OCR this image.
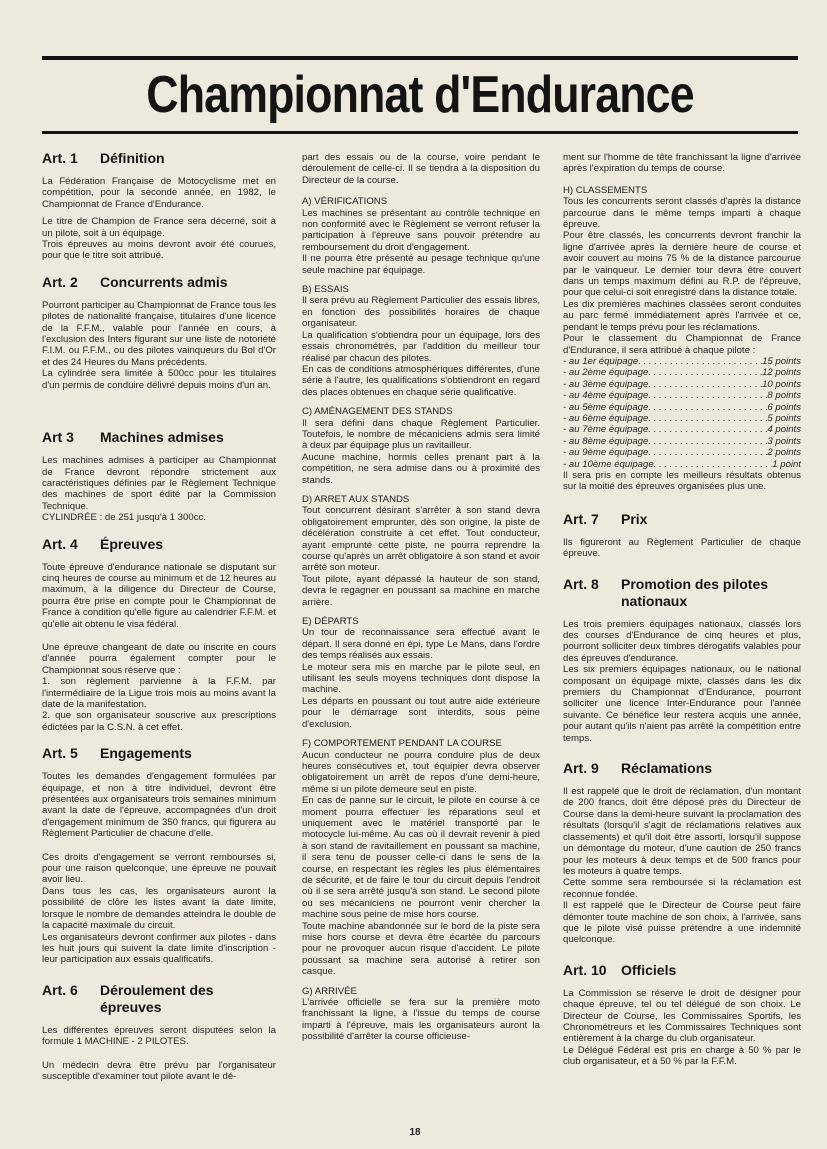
Championnat d'Endurance
Art. 1	Définition

La Fédération Française de Motocyclisme met en compétition, pour la seconde année, en 1982, le Championnat de France d'Endurance.

Le titre de Champion de France sera décerné, soit à un pilote, soit à un équipage.

Trois épreuves au moins devront avoir été courues, pour que le titre soit attribué.

Art. 2	Concurrents admis

Pourront participer au Championnat de France tous les pilotes de nationalité française, titulaires d'une licence de la F.F.M., valable pour l'année en cours, à l'exclusion des Inters figurant sur une liste de notoriété F.I.M. ou F.F.M., ou des pilotes vainqueurs du Bol d'Or et des 24 Heures du Mans précédents.

La cylindrée sera limitée à 500cc pour les titulaires d'un permis de conduire délivré depuis moins d'un an.

Art 3	Machines admises

Les machines admises à participer au Championnat de France devront répondre strictement aux caractéristiques définies par le Règlement Technique des machines de sport édité par la Commission Technique.

CYLINDRÉE : de 251 jusqu'à 1 300cc.

Art. 4	Épreuves

Toute épreuve d'endurance nationale se disputant sur cinq heures de course au minimum et de 12 heures au maximum, à la diligence du Directeur de Course, pourra être prise en compte pour le Championnat de France à condition qu'elle figure au calendrier F.F.M. et qu'elle ait obtenu le visa fédéral.

Une épreuve changeant de date ou inscrite en cours d'année pourra également compter pour le Championnat sous réserve que :

1. son règlement parvienne à la F.F.M. par l'intermédiaire de la Ligue trois mois au moins avant la date de la manifestation.

2. que son organisateur souscrive aux prescriptions édictées par la C.S.N. à cet effet.

Art. 5	Engagements

Toutes les demandes d'engagement formulées par équipage, et non à titre individuel, devront être présentées aux organisateurs trois semaines minimum avant la date de l'épreuve, accompagnées d'un droit d'engagement minimum de 350 francs, qui figurera au Règlement Particulier de chacune d'elle.

Ces droits d'engagement se verront remboursés si, pour une raison quelconque, une épreuve ne pouvait avoir lieu.

Dans tous les cas, les organisateurs auront la possibilité de clôre les listes avant la date limite, lorsque le nombre de demandes atteindra le double de la capacité maximale du circuit.

Les organisateurs devront confirmer aux pilotes - dans les huit jours qui suivent la date limite d'inscription - leur participation aux essais qualificatifs.

Art. 6	Déroulement des épreuves

Les différentes épreuves seront disputées selon la formule 1 MACHINE - 2 PILOTES.

Un médecin devra être prévu par l'organisateur susceptible d'examiner tout pilote avant le dé-

part des essais ou de la course, voire pendant le déroulement de celle-ci. Il se tiendra à la disposition du Directeur de la course.

A) VÉRIFICATIONS

Les machines se présentant au contrôle technique en non conformité avec le Règlement se verront refuser la participation à l'épreuve sans pouvoir prétendre au remboursement du droit d'engagement.

Il ne pourra être présenté au pesage technique qu'une seule machine par équipage.

B) ESSAIS

Il sera prévu au Règlement Particulier des essais libres, en fonction des possibilités horaires de chaque organisateur.

La qualification s'obtiendra pour un équipage, lors des essais chronométrés, par l'addition du meilleur tour réalisé par chacun des pilotes.

En cas de conditions atmosphériques différentes, d'une série à l'autre, les qualifications s'obtiendront en regard des places obtenues en chaque série qualificative.

C) AMÉNAGEMENT DES STANDS

Il sera défini dans chaque Règlement Particulier. Toutefois, le nombre de mécaniciens admis sera limité à deux par équipage plus un ravitailleur.

Aucune machine, hormis celles prenant part à la compétition, ne sera admise dans ou à proximité des stands.

D) ARRET AUX STANDS

Tout concurrent désirant s'arrêter à son stand devra obligatoirement emprunter, dès son origine, la piste de décélération construite à cet effet. Tout conducteur, ayant emprunté cette piste, ne pourra reprendre la course qu'après un arrêt obligatoire à son stand et avoir arrêté son moteur.

Tout pilote, ayant dépassé la hauteur de son stand, devra le regagner en poussant sa machine en marche arrière.

E) DÉPARTS

Un tour de reconnaissance sera effectué avant le départ. Il sera donné en épi, type Le Mans, dans l'ordre des temps réalisés aux essais.

Le moteur sera mis en marche par le pilote seul, en utilisant les seuls moyens techniques dont dispose la machine.

Les départs en poussant ou tout autre aide extérieure pour le démarrage sont interdits, sous peine d'exclusion.

F) COMPORTEMENT PENDANT LA COURSE

Aucun conducteur ne pourra conduire plus de deux heures consécutives et, tout équipier devra observer obligatoirement un arrêt de repos d'une demi-heure, même si un pilote demeure seul en piste.

En cas de panne sur le circuit, le pilote en course à ce moment pourra effectuer les réparations seul et uniquement avec le matériel transporté par le motocycle lui-même. Au cas où il devrait revenir à pied à son stand de ravitaillement en poussant sa machine, il sera tenu de pousser celle-ci dans le sens de la course, en respectant les règles les plus élémentaires de sécurité, et de faire le tour du circuit depuis l'endroit où il se sera arrêté jusqu'à son stand. Le second pilote ou ses mécaniciens ne pourront venir chercher la machine sous peine de mise hors course.

Toute machine abandonnée sur le bord de la piste sera mise hors course et devra être écartée du parcours pour ne provoquer aucun risque d'accident. Le pilote poussant sa machine sera autorisé à retirer son casque.

G) ARRIVÉE

L'arrivée officielle se fera sur la première moto franchissant la ligne, à l'issue du temps de course imparti à l'épreuve, mais les organisateurs auront la possibilité d'arrêter la course officieuse-

ment sur l'homme de tête franchissant la ligne d'arrivée après l'expiration du temps de course.

H) CLASSEMENTS

Tous les concurrents seront classés d'après la distance parcourue dans le même temps imparti à chaque épreuve.

Pour être classés, les concurrents devront franchir la ligne d'arrivée après la dernière heure de course et avoir couvert au moins 75 % de la distance parcourue par le vainqueur. Le dernier tour devra être couvert dans un temps maximum défini au R.P. de l'épreuve, pour que celui-ci soit enregistré dans la distance totale.

Les dix premières machines classées seront conduites au parc fermé immédiatement après l'arrivée et ce, pendant le temps prévu pour les réclamations.

Pour le classement du Championnat de France d'Endurance, il sera attribué à chaque pilote :

- au 1er équipage . . .	15 points
- au 2ème équipage . . .	12 points
- au 3ème équipage . . .	10 points
- au 4ème équipage . . .	8 points
- au 5ème équipage . . .	6 points
- au 6ème équipage . . .	5 points
- au 7ème équipage . . .	4 points
- au 8ème équipage . . .	3 points
- au 9ème équipage . . .	2 points
- au 10ème équipage . . .	1 point

Il sera pris en compte les meilleurs résultats obtenus sur la moitié des épreuves organisées plus une.

Art. 7	Prix

Ils figureront au Règlement Particulier de chaque épreuve.

Art. 8	Promotion des pilotes nationaux

Les trois premiers équipages nationaux, classés lors des courses d'Endurance de cinq heures et plus, pourront solliciter deux timbres dérogatifs valables pour des épreuves d'endurance.

Les six premiers équipages nationaux, ou le national composant un équipage mixte, classés dans les dix premiers du Championnat d'Endurance, pourront solliciter une licence Inter-Endurance pour l'année suivante. Ce bénéfice leur restera acquis une année, pour autant qu'ils n'aient pas arrêté la compétition entre temps.

Art. 9	Réclamations

Il est rappelé que le droit de réclamation, d'un montant de 200 francs, doit être déposé près du Directeur de Course dans la demi-heure suivant la proclamation des résultats (lorsqu'il s'agit de réclamations relatives aux classements) et qu'il doit être assorti, lorsqu'il suppose un démontage du moteur, d'une caution de 250 francs pour les moteurs à deux temps et de 500 francs pour les moteurs à quatre temps.

Cette somme sera remboursée si la réclamation est reconnue fondée.

Il est rappelé que le Directeur de Course peut faire démonter toute machine de son choix, à l'arrivée, sans que le pilote visé puisse prétendre à une indemnité quelconque.

Art. 10	Officiels

La Commission se réserve le droit de désigner pour chaque épreuve, tel ou tel délégué de son choix. Le Directeur de Course, les Commissaires Sportifs, les Chronométreurs et les Commissaires Techniques sont entièrement à la charge du club organisateur.

Le Délégué Fédéral est pris en charge à 50 % par le club organisateur, et à 50 % par la F.F.M.

18
